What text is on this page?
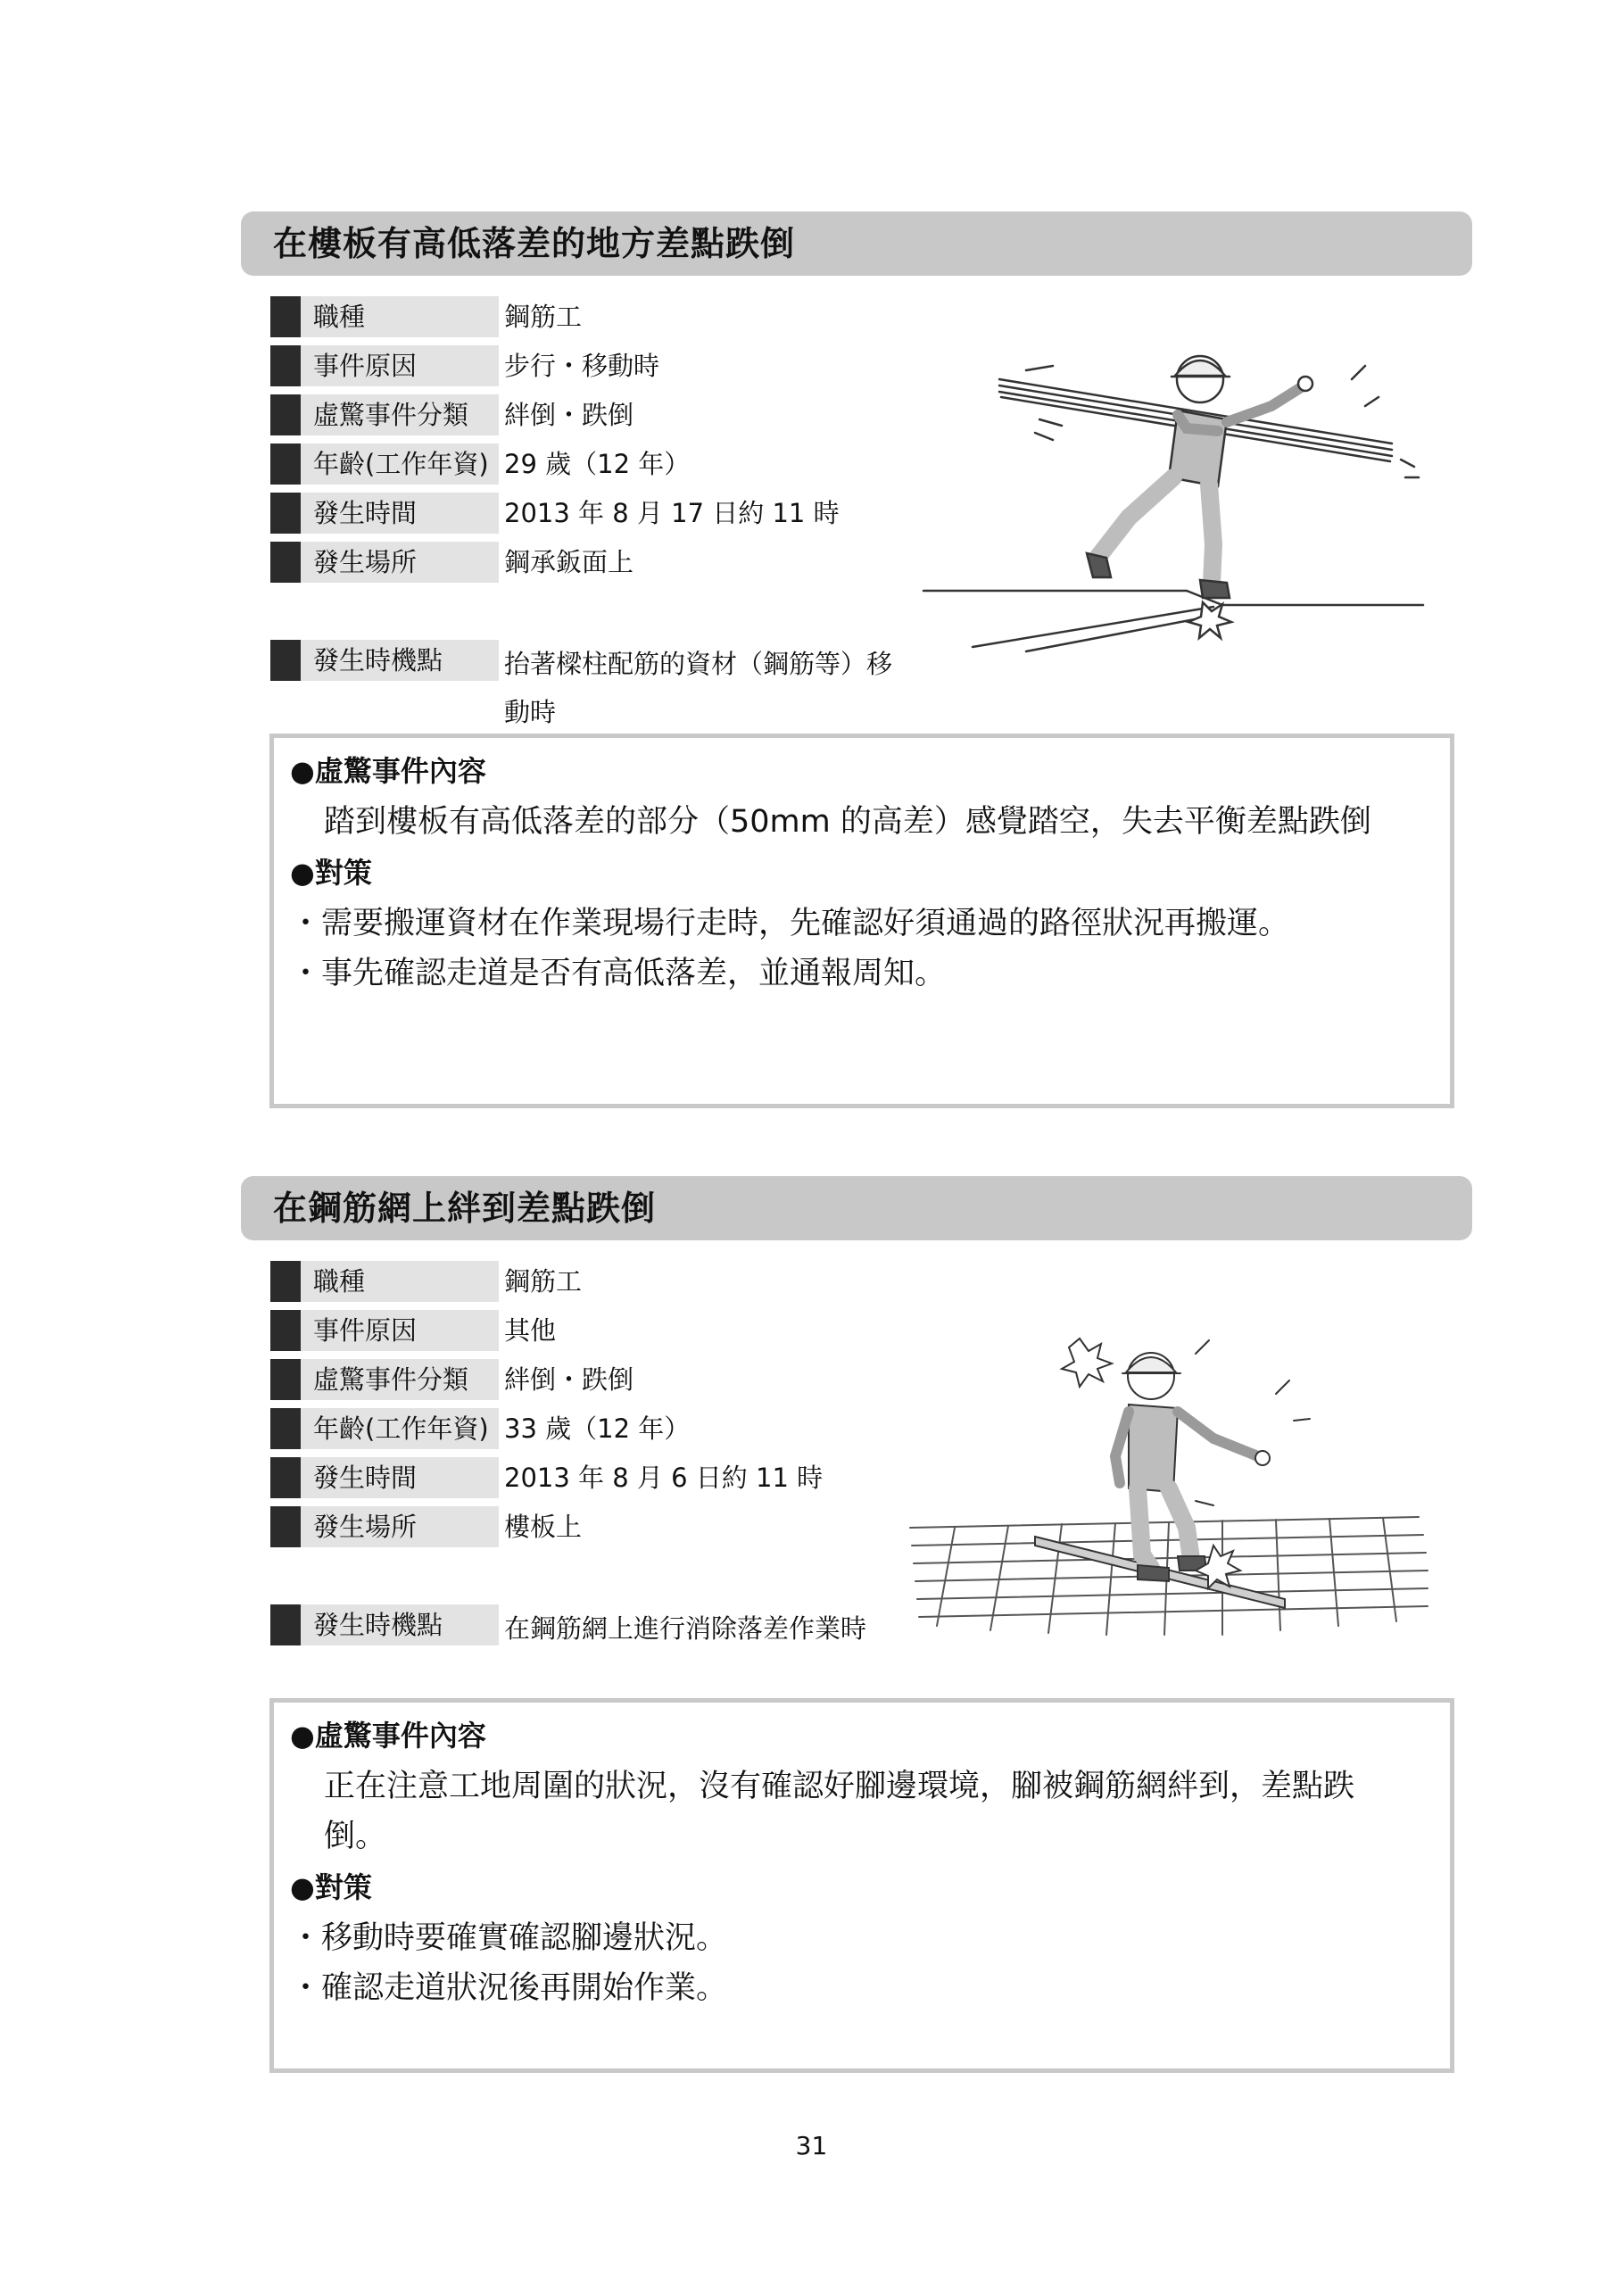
在樓板有高低落差的地方差點跌倒
職種	鋼筋工
事件原因	步行・移動時
虛驚事件分類	絆倒・跌倒
年齡(工作年資) 29 歲（12 年）
發生時間	2013 年 8 月 17 日約 11 時
發生場所	鋼承鈑面上
發生時機點	抬著樑柱配筋的資材（鋼筋等）移動時
●虛驚事件內容
踏到樓板有高低落差的部分（50mm 的高差）感覺踏空，失去平衡差點跌倒
●對策
・需要搬運資材在作業現場行走時，先確認好須通過的路徑狀況再搬運。
・事先確認走道是否有高低落差，並通報周知。
在鋼筋網上絆到差點跌倒
職種	鋼筋工
事件原因	其他
虛驚事件分類	絆倒・跌倒
年齡(工作年資) 33 歲（12 年）
發生時間	2013 年 8 月 6 日約 11 時
發生場所	樓板上
發生時機點	在鋼筋網上進行消除落差作業時
●虛驚事件內容
正在注意工地周圍的狀況，沒有確認好腳邊環境，腳被鋼筋網絆到，差點跌倒。
●對策
・移動時要確實確認腳邊狀況。
・確認走道狀況後再開始作業。
31
